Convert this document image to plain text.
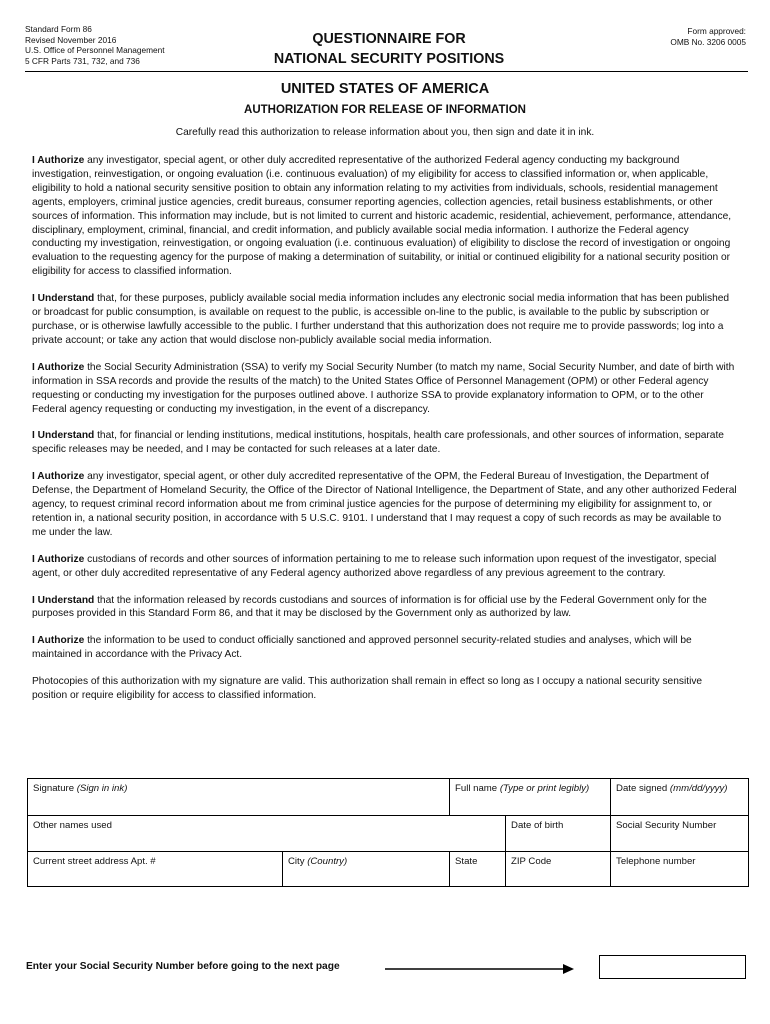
Standard Form 86
Revised November 2016
U.S. Office of Personnel Management
5 CFR Parts 731, 732, and 736
QUESTIONNAIRE FOR
NATIONAL SECURITY POSITIONS
Form approved:
OMB No. 3206 0005
UNITED STATES OF AMERICA
AUTHORIZATION FOR RELEASE OF INFORMATION
Carefully read this authorization to release information about you, then sign and date it in ink.

I Authorize any investigator, special agent, or other duly accredited representative of the authorized Federal agency conducting my background investigation, reinvestigation, or ongoing evaluation (i.e. continuous evaluation) of my eligibility for access to classified information or, when applicable, eligibility to hold a national security sensitive position to obtain any information relating to my activities from individuals, schools, residential management agents, employers, criminal justice agencies, credit bureaus, consumer reporting agencies, collection agencies, retail business establishments, or other sources of information. This information may include, but is not limited to current and historic academic, residential, achievement, performance, attendance, disciplinary, employment, criminal, financial, and credit information, and publicly available social media information. I authorize the Federal agency conducting my investigation, reinvestigation, or ongoing evaluation (i.e. continuous evaluation) of eligibility to disclose the record of investigation or ongoing evaluation to the requesting agency for the purpose of making a determination of suitability, or initial or continued eligibility for a national security position or eligibility for access to classified information.

I Understand that, for these purposes, publicly available social media information includes any electronic social media information that has been published or broadcast for public consumption, is available on request to the public, is accessible on-line to the public, is available to the public by subscription or purchase, or is otherwise lawfully accessible to the public. I further understand that this authorization does not require me to provide passwords; log into a private account; or take any action that would disclose non-publicly available social media information.

I Authorize the Social Security Administration (SSA) to verify my Social Security Number (to match my name, Social Security Number, and date of birth with information in SSA records and provide the results of the match) to the United States Office of Personnel Management (OPM) or other Federal agency requesting or conducting my investigation for the purposes outlined above. I authorize SSA to provide explanatory information to OPM, or to the other Federal agency requesting or conducting my investigation, in the event of a discrepancy.

I Understand that, for financial or lending institutions, medical institutions, hospitals, health care professionals, and other sources of information, separate specific releases may be needed, and I may be contacted for such releases at a later date.

I Authorize any investigator, special agent, or other duly accredited representative of the OPM, the Federal Bureau of Investigation, the Department of Defense, the Department of Homeland Security, the Office of the Director of National Intelligence, the Department of State, and any other authorized Federal agency, to request criminal record information about me from criminal justice agencies for the purpose of determining my eligibility for assignment to, or retention in, a national security position, in accordance with 5 U.S.C. 9101. I understand that I may request a copy of such records as may be available to me under the law.

I Authorize custodians of records and other sources of information pertaining to me to release such information upon request of the investigator, special agent, or other duly accredited representative of any Federal agency authorized above regardless of any previous agreement to the contrary.

I Understand that the information released by records custodians and sources of information is for official use by the Federal Government only for the purposes provided in this Standard Form 86, and that it may be disclosed by the Government only as authorized by law.

I Authorize the information to be used to conduct officially sanctioned and approved personnel security-related studies and analyses, which will be maintained in accordance with the Privacy Act.

Photocopies of this authorization with my signature are valid. This authorization shall remain in effect so long as I occupy a national security sensitive position or require eligibility for access to classified information.

Signature (Sign in ink)		Full name (Type or print legibly)		Date signed (mm/dd/yyyy)
Other names used			Date of birth	Social Security Number
Current street address Apt. #	City (Country)	State	ZIP Code	Telephone number
Enter your Social Security Number before going to the next page
